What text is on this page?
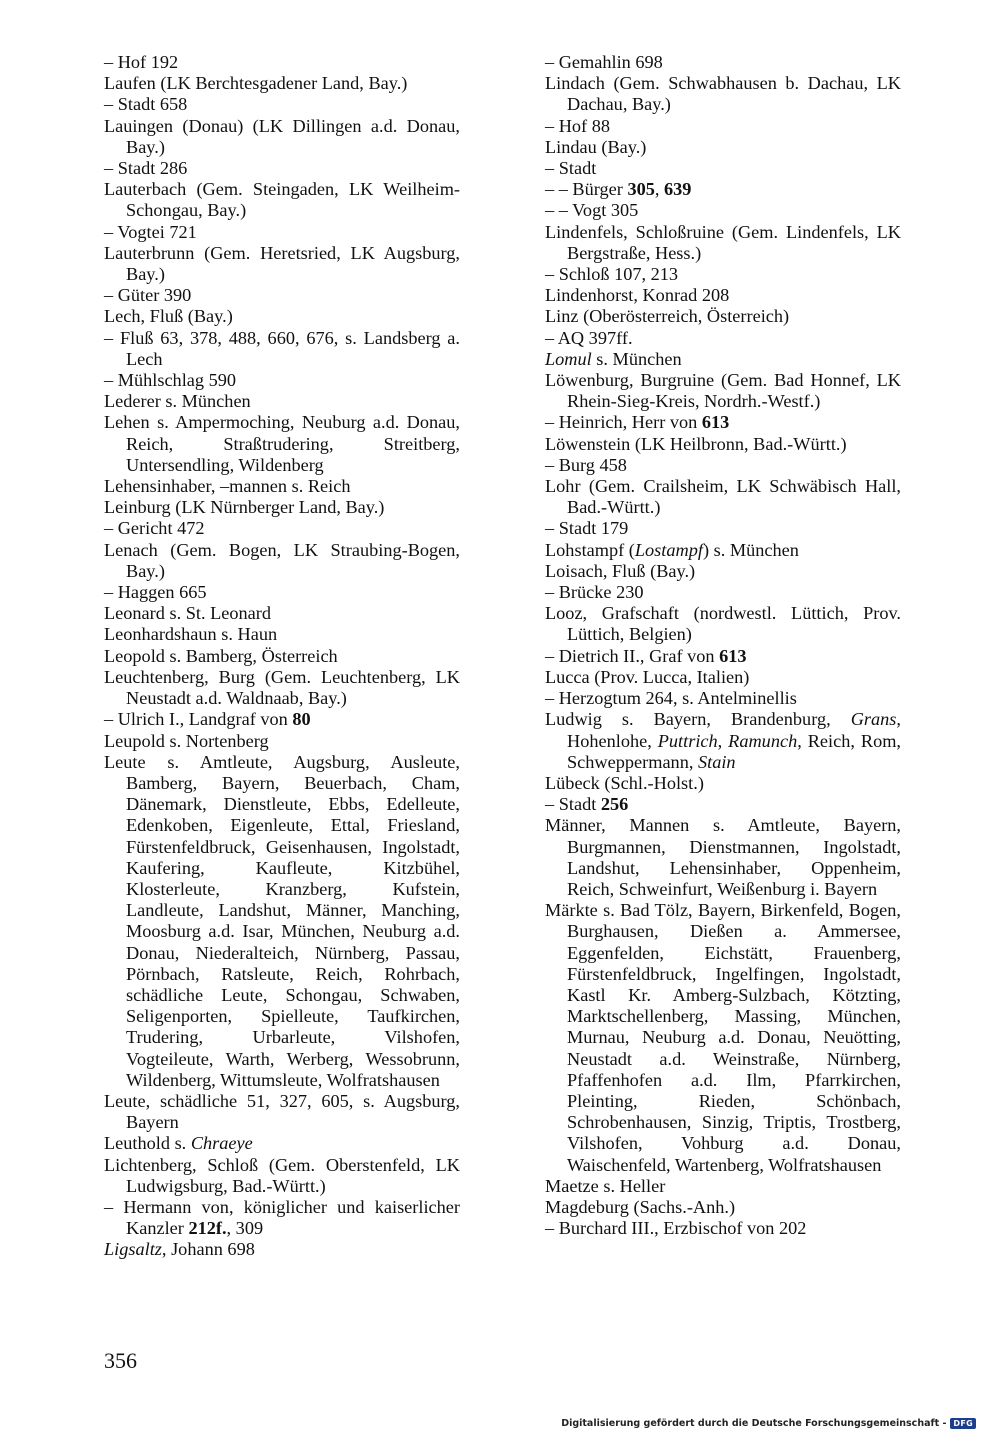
– Hof 192
Laufen (LK Berchtesgadener Land, Bay.)
– Stadt 658
Lauingen (Donau) (LK Dillingen a.d. Donau, Bay.)
– Stadt 286
Lauterbach (Gem. Steingaden, LK Weilheim-Schongau, Bay.)
– Vogtei 721
Lauterbrunn (Gem. Heretsried, LK Augsburg, Bay.)
– Güter 390
Lech, Fluß (Bay.)
– Fluß 63, 378, 488, 660, 676, s. Landsberg a. Lech
– Mühlschlag 590
Lederer s. München
Lehen s. Ampermoching, Neuburg a.d. Donau, Reich, Straßtrudering, Streitberg, Untersendling, Wildenberg
Lehensinhaber, –mannen s. Reich
Leinburg (LK Nürnberger Land, Bay.)
– Gericht 472
Lenach (Gem. Bogen, LK Straubing-Bogen, Bay.)
– Haggen 665
Leonard s. St. Leonard
Leonhardshaun s. Haun
Leopold s. Bamberg, Österreich
Leuchtenberg, Burg (Gem. Leuchtenberg, LK Neustadt a.d. Waldnaab, Bay.)
– Ulrich I., Landgraf von 80
Leupold s. Nortenberg
Leute s. Amtleute, Augsburg, Ausleute, Bamberg, Bayern, Beuerbach, Cham, Dänemark, Dienstleute, Ebbs, Edelleute, Edenkoben, Eigenleute, Ettal, Friesland, Fürstenfeldbruck, Geisenhausen, Ingolstadt, Kaufering, Kaufleute, Kitzbühel, Klosterleute, Kranzberg, Kufstein, Landleute, Landshut, Männer, Manching, Moosburg a.d. Isar, München, Neuburg a.d. Donau, Niederalteich, Nürnberg, Passau, Pörnbach, Ratsleute, Reich, Rohrbach, schädliche Leute, Schongau, Schwaben, Seligenporten, Spielleute, Taufkirchen, Trudering, Urbarleute, Vilshofen, Vogteileute, Warth, Werberg, Wessobrunn, Wildenberg, Wittumsleute, Wolfratshausen
Leute, schädliche 51, 327, 605, s. Augsburg, Bayern
Leuthold s. Chraeye
Lichtenberg, Schloß (Gem. Oberstenfeld, LK Ludwigsburg, Bad.-Württ.)
– Hermann von, königlicher und kaiserlicher Kanzler 212f., 309
Ligsaltz, Johann 698
– Gemahlin 698
Lindach (Gem. Schwabhausen b. Dachau, LK Dachau, Bay.)
– Hof 88
Lindau (Bay.)
– Stadt
– – Bürger 305, 639
– – Vogt 305
Lindenfels, Schloßruine (Gem. Lindenfels, LK Bergstraße, Hess.)
– Schloß 107, 213
Lindenhorst, Konrad 208
Linz (Oberösterreich, Österreich)
– AQ 397ff.
Lomul s. München
Löwenburg, Burgruine (Gem. Bad Honnef, LK Rhein-Sieg-Kreis, Nordrh.-Westf.)
– Heinrich, Herr von 613
Löwenstein (LK Heilbronn, Bad.-Württ.)
– Burg 458
Lohr (Gem. Crailsheim, LK Schwäbisch Hall, Bad.-Württ.)
– Stadt 179
Lohstampf (Lostampf) s. München
Loisach, Fluß (Bay.)
– Brücke 230
Looz, Grafschaft (nordwestl. Lüttich, Prov. Lüttich, Belgien)
– Dietrich II., Graf von 613
Lucca (Prov. Lucca, Italien)
– Herzogtum 264, s. Antelminellis
Ludwig s. Bayern, Brandenburg, Grans, Hohenlohe, Puttrich, Ramunch, Reich, Rom, Schweppermann, Stain
Lübeck (Schl.-Holst.)
– Stadt 256
Männer, Mannen s. Amtleute, Bayern, Burgmannen, Dienstmannen, Ingolstadt, Landshut, Lehensinhaber, Oppenheim, Reich, Schweinfurt, Weißenburg i. Bayern
Märkte s. Bad Tölz, Bayern, Birkenfeld, Bogen, Burghausen, Dießen a. Ammersee, Eggenfelden, Eichstätt, Frauenberg, Fürstenfeldbruck, Ingelfingen, Ingolstadt, Kastl Kr. Amberg-Sulzbach, Kötzting, Marktschellenberg, Massing, München, Murnau, Neuburg a.d. Donau, Neuötting, Neustadt a.d. Weinstraße, Nürnberg, Pfaffenhofen a.d. Ilm, Pfarrkirchen, Pleinting, Rieden, Schönbach, Schrobenhausen, Sinzig, Triptis, Trostberg, Vilshofen, Vohburg a.d. Donau, Waischenfeld, Wartenberg, Wolfratshausen
Maetze s. Heller
Magdeburg (Sachs.-Anh.)
– Burchard III., Erzbischof von 202
356
Digitalisierung gefördert durch die Deutsche Forschungsgemeinschaft - DFG
